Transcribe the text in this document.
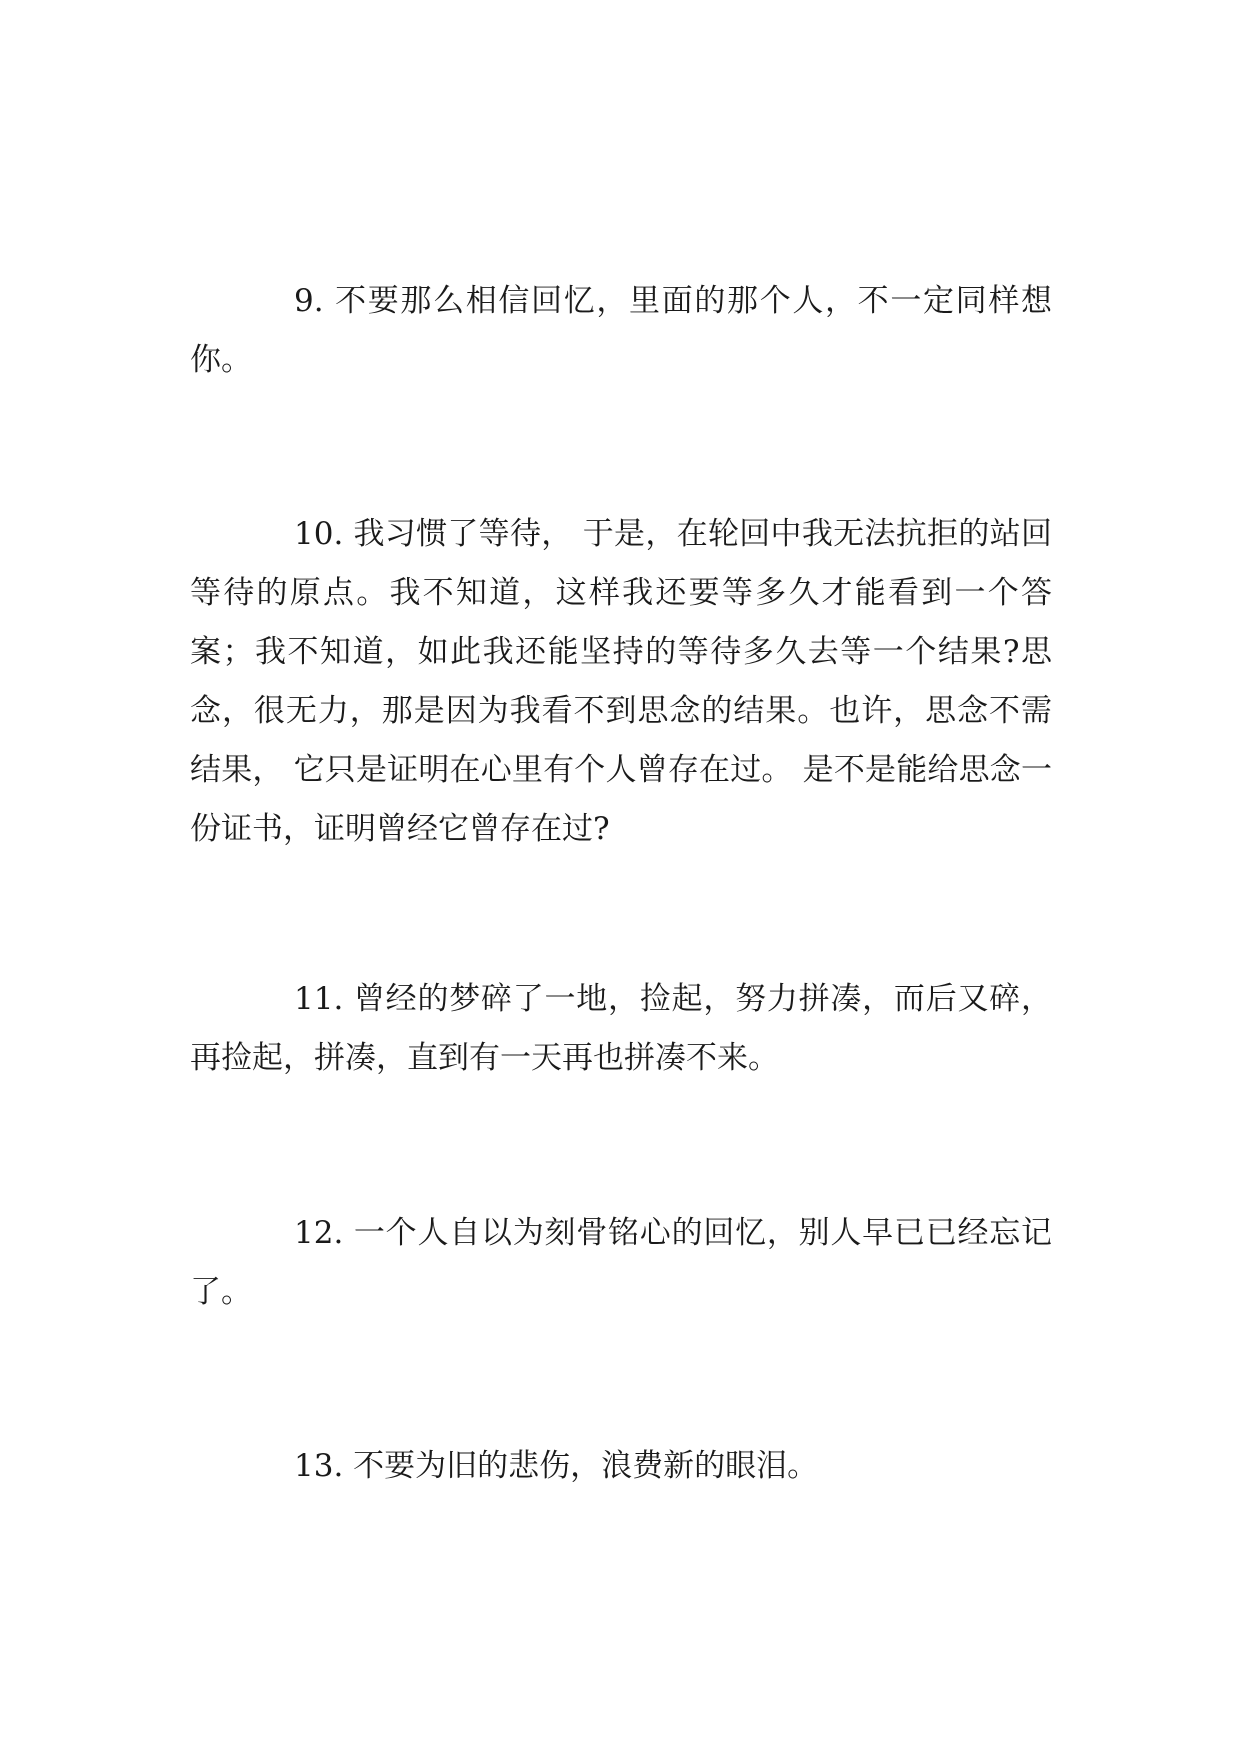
9. 不要那么相信回忆，里面的那个人，不一定同样想你。

10. 我习惯了等待， 于是，在轮回中我无法抗拒的站回等待的原点。我不知道，这样我还要等多久才能看到一个答案；我不知道，如此我还能坚持的等待多久去等一个结果?思念，很无力，那是因为我看不到思念的结果。也许，思念不需结果， 它只是证明在心里有个人曾存在过。 是不是能给思念一份证书，证明曾经它曾存在过?

11. 曾经的梦碎了一地，捡起，努力拼凑，而后又碎，再捡起，拼凑，直到有一天再也拼凑不来。

12. 一个人自以为刻骨铭心的回忆，别人早已已经忘记了。

13. 不要为旧的悲伤，浪费新的眼泪。
